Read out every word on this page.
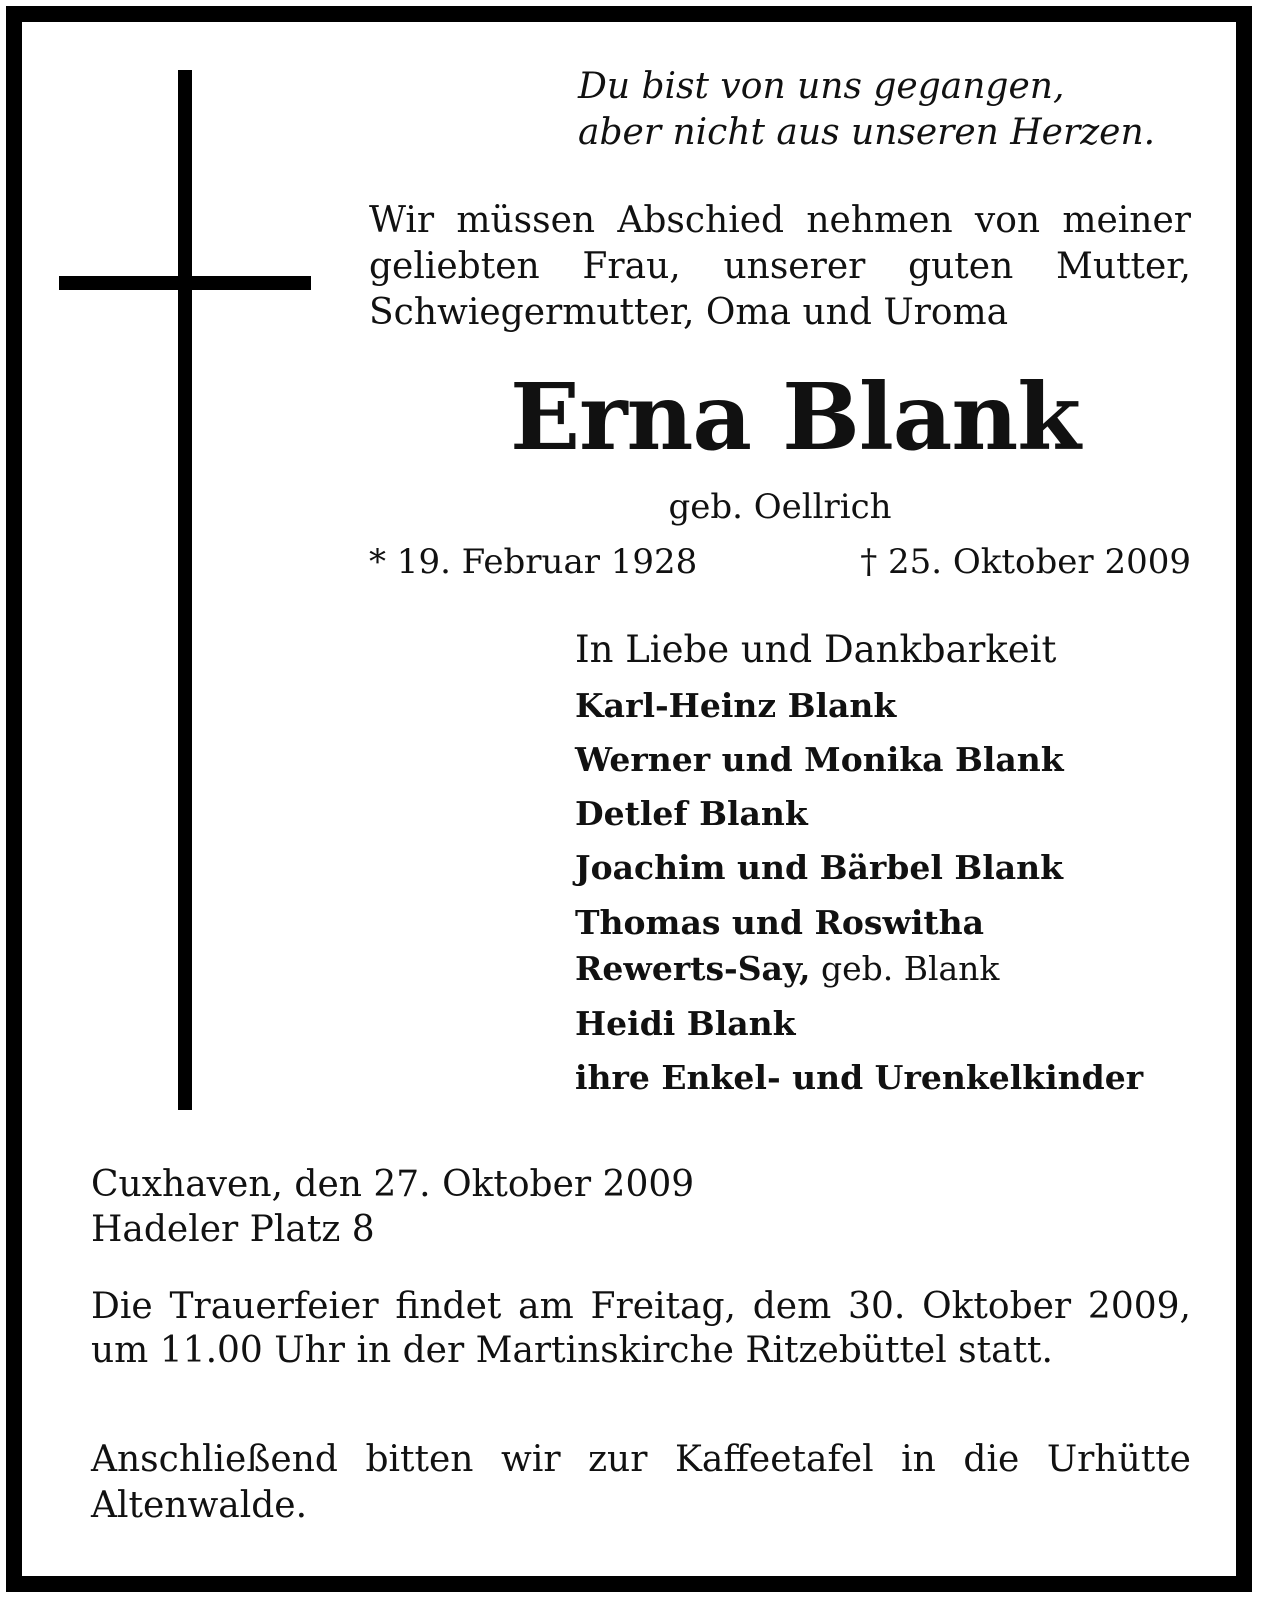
Du bist von uns gegangen,
aber nicht aus unseren Herzen.
Wir müssen Abschied nehmen von meiner geliebten Frau, unserer guten Mutter, Schwiegermutter, Oma und Uroma
Erna Blank
geb. Oellrich
* 19. Februar 1928	† 25. Oktober 2009
In Liebe und Dankbarkeit
Karl-Heinz Blank
Werner und Monika Blank
Detlef Blank
Joachim und Bärbel Blank
Thomas und Roswitha
Rewerts-Say, geb. Blank
Heidi Blank
ihre Enkel- und Urenkelkinder
Cuxhaven, den 27. Oktober 2009
Hadeler Platz 8
Die Trauerfeier findet am Freitag, dem 30. Oktober 2009, um 11.00 Uhr in der Martinskirche Ritzebüttel statt.
Anschließend bitten wir zur Kaffeetafel in die Urhütte Altenwalde.
